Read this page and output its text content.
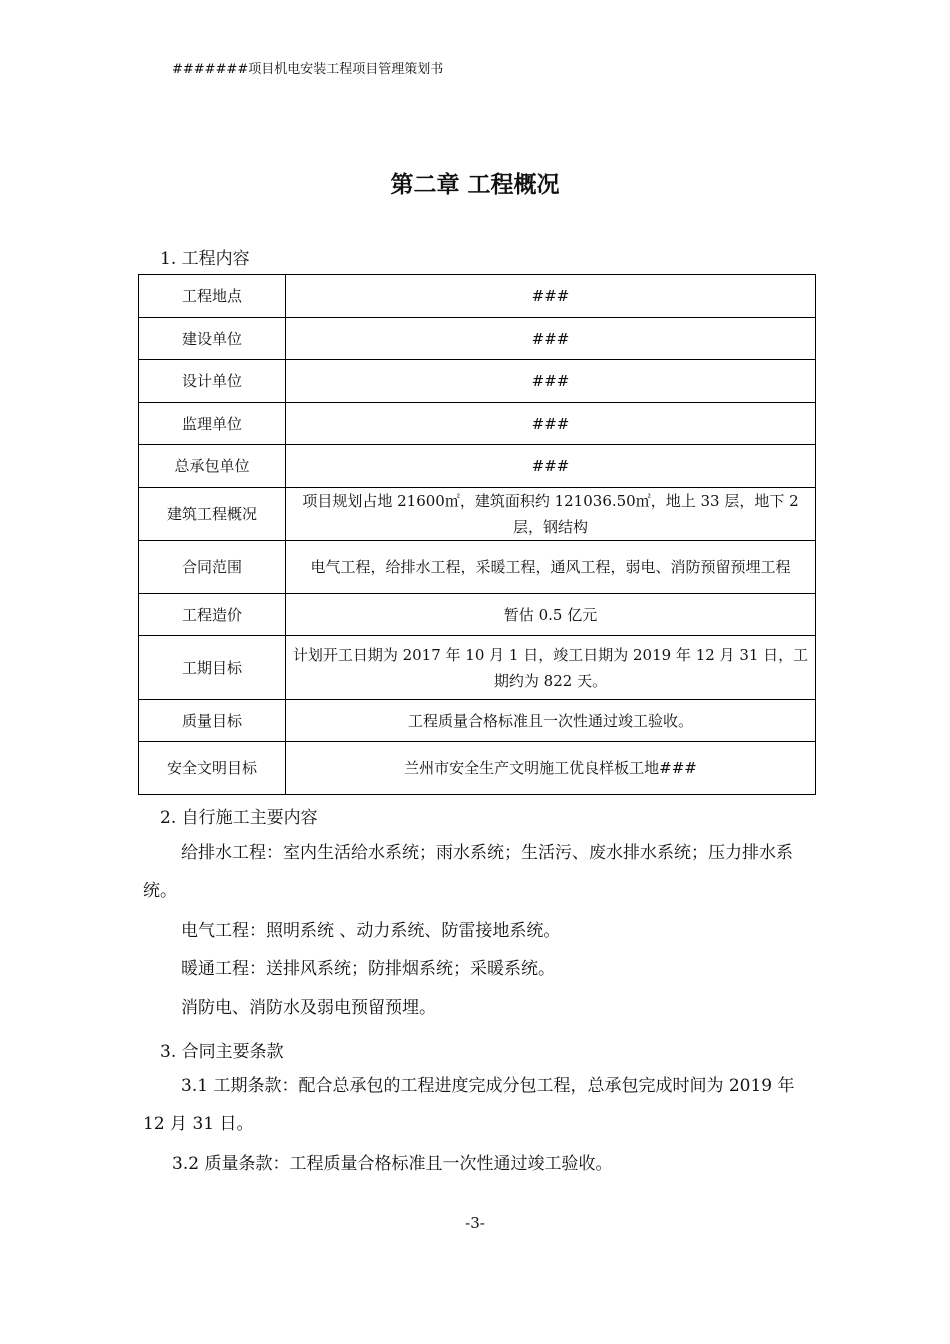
#######项目机电安装工程项目管理策划书
第二章 工程概况
1. 工程内容
工程地点	###
建设单位	###
设计单位	###
监理单位	###
总承包单位	###
建筑工程概况	项目规划占地 21600㎡，建筑面积约 121036.50㎡，地上 33 层，地下 2 层，钢结构
合同范围	电气工程，给排水工程，采暖工程，通风工程，弱电、消防预留预埋工程
工程造价	暂估 0.5 亿元
工期目标	计划开工日期为 2017 年 10 月 1 日，竣工日期为 2019 年 12 月 31 日，工期约为 822 天。
质量目标	工程质量合格标准且一次性通过竣工验收。
安全文明目标	兰州市安全生产文明施工优良样板工地###
2. 自行施工主要内容
给排水工程：室内生活给水系统；雨水系统；生活污、废水排水系统；压力排水系统。
电气工程：照明系统 、动力系统、防雷接地系统。
暖通工程：送排风系统；防排烟系统；采暖系统。
消防电、消防水及弱电预留预埋。
3. 合同主要条款
3.1 工期条款：配合总承包的工程进度完成分包工程，总承包完成时间为 2019 年 12 月 31 日。
3.2 质量条款：工程质量合格标准且一次性通过竣工验收。
-3-
